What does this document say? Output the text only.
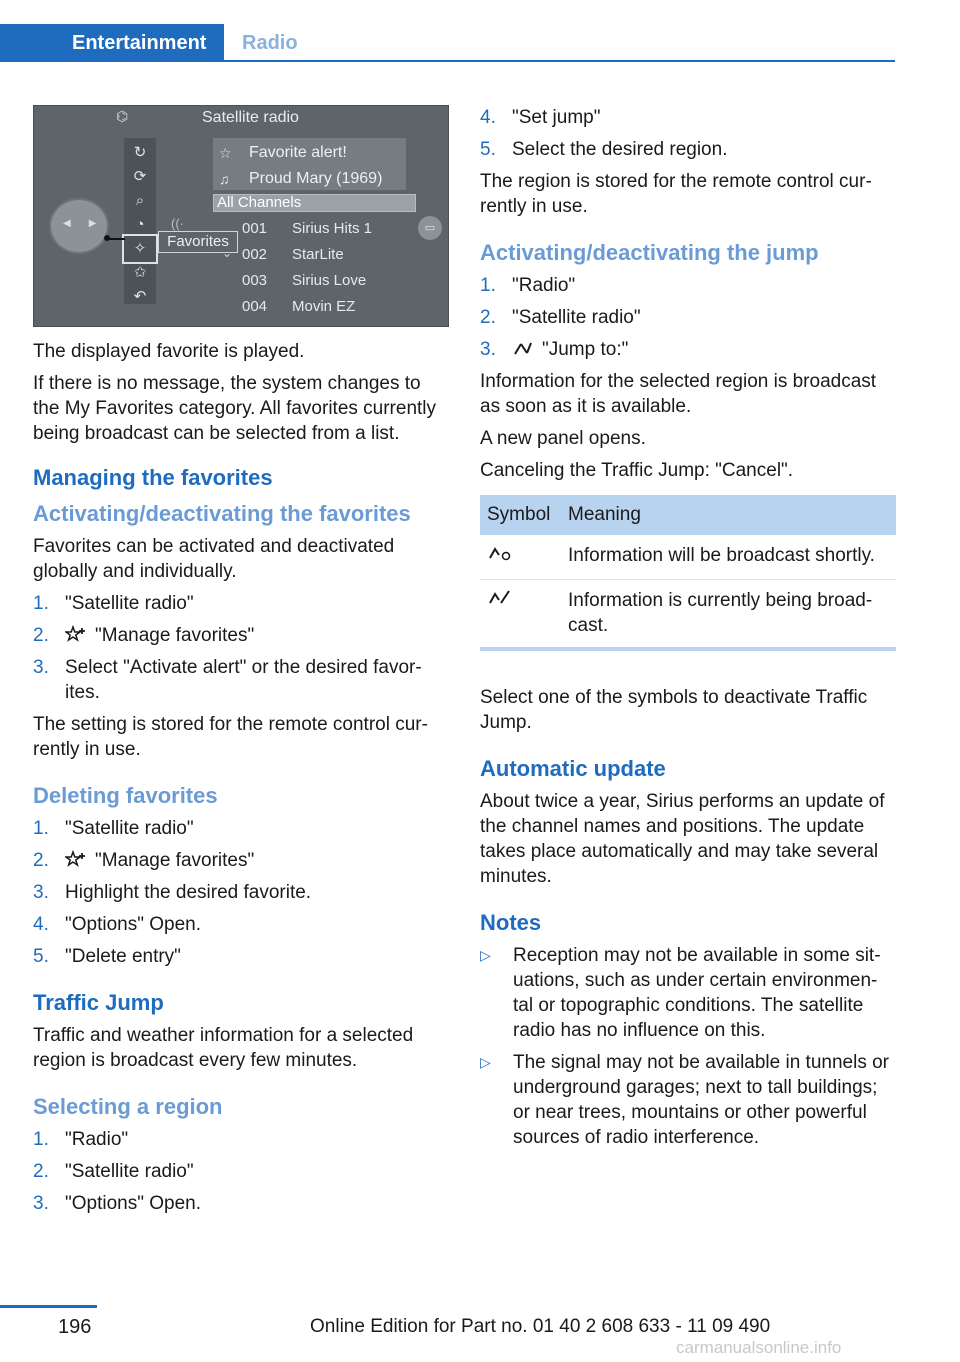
Entertainment	Radio
⌬	Satellite radio
◀▶
↻
⟳
⌕
◔
✧
✩
↶
☆ Favorite alert!
♫ Proud Mary (1969)
All Channels
((·
Favorites
⌄
001 Sirius Hits 1
002 StarLite
003 Sirius Love
004 Movin EZ
▭

The displayed favorite is played.

If there is no message, the system changes to the My Favorites category. All favorites currently being broadcast can be selected from a list.

Managing the favorites
Activating/deactivating the favorites

Favorites can be activated and deactivated globally and individually.

1. "Satellite radio"
2. "Manage favorites"
3. Select "Activate alert" or the desired favor-ites.

The setting is stored for the remote control cur-rently in use.

Deleting favorites
1. "Satellite radio"
2. "Manage favorites"
3. Highlight the desired favorite.
4. "Options" Open.
5. "Delete entry"
Traffic Jump

Traffic and weather information for a selected region is broadcast every few minutes.

Selecting a region
1. "Radio"
2. "Satellite radio"
3. "Options" Open.
4. "Set jump"
5. Select the desired region.

The region is stored for the remote control cur-rently in use.

Activating/deactivating the jump
1. "Radio"
2. "Satellite radio"
3. "Jump to:"

Information for the selected region is broadcast as soon as it is available.

A new panel opens.

Canceling the Traffic Jump: "Cancel".

Symbol	Meaning
	Information will be broadcast shortly.
	Information is currently being broad-cast.

Select one of the symbols to deactivate Traffic Jump.

Automatic update

About twice a year, Sirius performs an update of the channel names and positions. The update takes place automatically and may take several minutes.

Notes
▷ Reception may not be available in some sit-uations, such as under certain environmen-tal or topographic conditions. The satellite radio has no influence on this.
▷ The signal may not be available in tunnels or underground garages; next to tall buildings; or near trees, mountains or other powerful sources of radio interference.
196	Online Edition for Part no. 01 40 2 608 633 - 11 09 490
carmanualsonline.info
